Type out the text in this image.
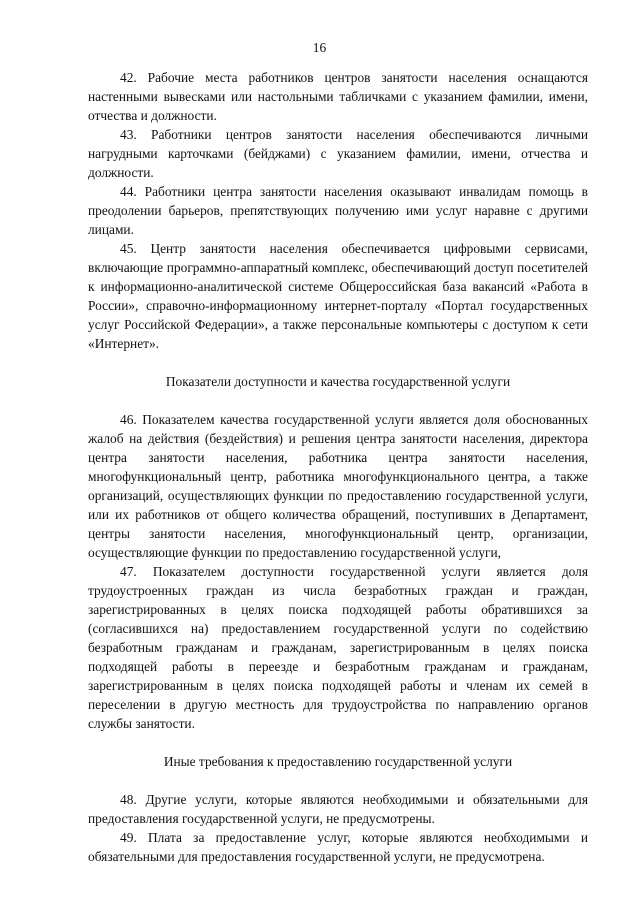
16

42. Рабочие места работников центров занятости населения оснащаются настенными вывесками или настольными табличками с указанием фамилии, имени, отчества и должности.

43. Работники центров занятости населения обеспечиваются личными нагрудными карточками (бейджами) с указанием фамилии, имени, отчества и должности.

44. Работники центра занятости населения оказывают инвалидам помощь в преодолении барьеров, препятствующих получению ими услуг наравне с другими лицами.

45. Центр занятости населения обеспечивается цифровыми сервисами, включающие программно-аппаратный комплекс, обеспечивающий доступ посетителей к информационно-аналитической системе Общероссийская база вакансий «Работа в России», справочно-информационному интернет-порталу «Портал государственных услуг Российской Федерации», а также персональные компьютеры с доступом к сети «Интернет».

Показатели доступности и качества государственной услуги

46. Показателем качества государственной услуги является доля обоснованных жалоб на действия (бездействия) и решения центра занятости населения, директора центра занятости населения, работника центра занятости населения, многофункциональный центр, работника многофункционального центра, а также организаций, осуществляющих функции по предоставлению государственной услуги, или их работников от общего количества обращений, поступивших в Департамент, центры занятости населения, многофункциональный центр, организации, осуществляющие функции по предоставлению государственной услуги,

47. Показателем доступности государственной услуги является доля трудоустроенных граждан из числа безработных граждан и граждан, зарегистрированных в целях поиска подходящей работы обратившихся за (согласившихся на) предоставлением государственной услуги по содействию безработным гражданам и гражданам, зарегистрированным в целях поиска подходящей работы в переезде и безработным гражданам и гражданам, зарегистрированным в целях поиска подходящей работы и членам их семей в переселении в другую местность для трудоустройства по направлению органов службы занятости.

Иные требования к предоставлению государственной услуги

48. Другие услуги, которые являются необходимыми и обязательными для предоставления государственной услуги, не предусмотрены.

49. Плата за предоставление услуг, которые являются необходимыми и обязательными для предоставления государственной услуги, не предусмотрена.
